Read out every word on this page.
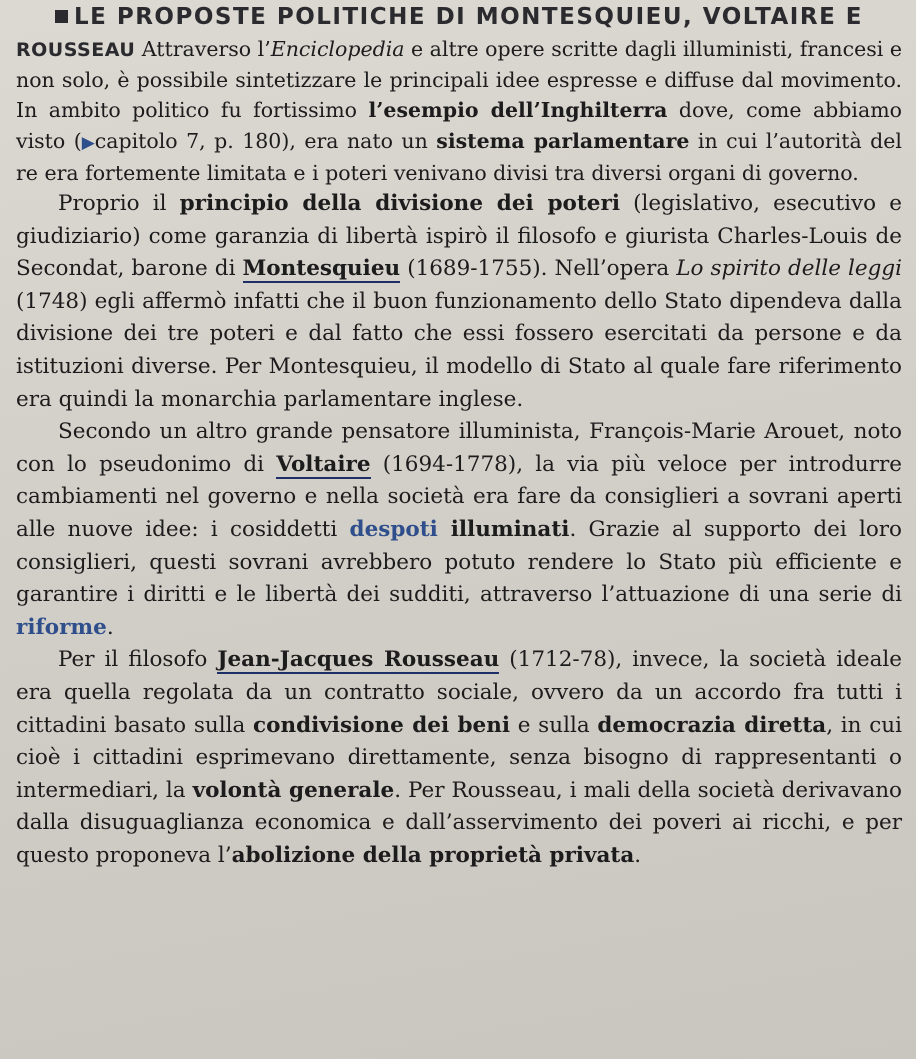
LE PROPOSTE POLITICHE DI MONTESQUIEU, VOLTAIRE E

ROUSSEAU Attraverso l’Enciclopedia e altre opere scritte dagli illuministi, francesi e non solo, è possibile sintetizzare le principali idee espresse e diffuse dal movimento. In ambito politico fu fortissimo l’esempio dell’Inghilterra dove, come abbiamo visto (▶capitolo 7, p. 180), era nato un sistema parlamentare in cui l’autorità del re era fortemente limitata e i poteri venivano divisi tra diversi organi di governo.

Proprio il principio della divisione dei poteri (legislativo, esecutivo e giudiziario) come garanzia di libertà ispirò il filosofo e giurista Charles-Louis de Secondat, barone di Montesquieu (1689-1755). Nell’opera Lo spirito delle leggi (1748) egli affermò infatti che il buon funzionamento dello Stato dipendeva dalla divisione dei tre poteri e dal fatto che essi fossero esercitati da persone e da istituzioni diverse. Per Montesquieu, il modello di Stato al quale fare riferimento era quindi la monarchia parlamentare inglese.

Secondo un altro grande pensatore illuminista, François-Marie Arouet, noto con lo pseudonimo di Voltaire (1694-1778), la via più veloce per introdurre cambiamenti nel governo e nella società era fare da consiglieri a sovrani aperti alle nuove idee: i cosiddetti despoti illuminati. Grazie al supporto dei loro consiglieri, questi sovrani avrebbero potuto rendere lo Stato più efficiente e garantire i diritti e le libertà dei sudditi, attraverso l’attuazione di una serie di riforme.

Per il filosofo Jean-Jacques Rousseau (1712-78), invece, la società ideale era quella regolata da un contratto sociale, ovvero da un accordo fra tutti i cittadini basato sulla condivisione dei beni e sulla democrazia diretta, in cui cioè i cittadini esprimevano direttamente, senza bisogno di rappresentanti o intermediari, la volontà generale. Per Rousseau, i mali della società derivavano dalla disuguaglianza economica e dall’asservimento dei poveri ai ricchi, e per questo proponeva l’abolizione della proprietà privata.
